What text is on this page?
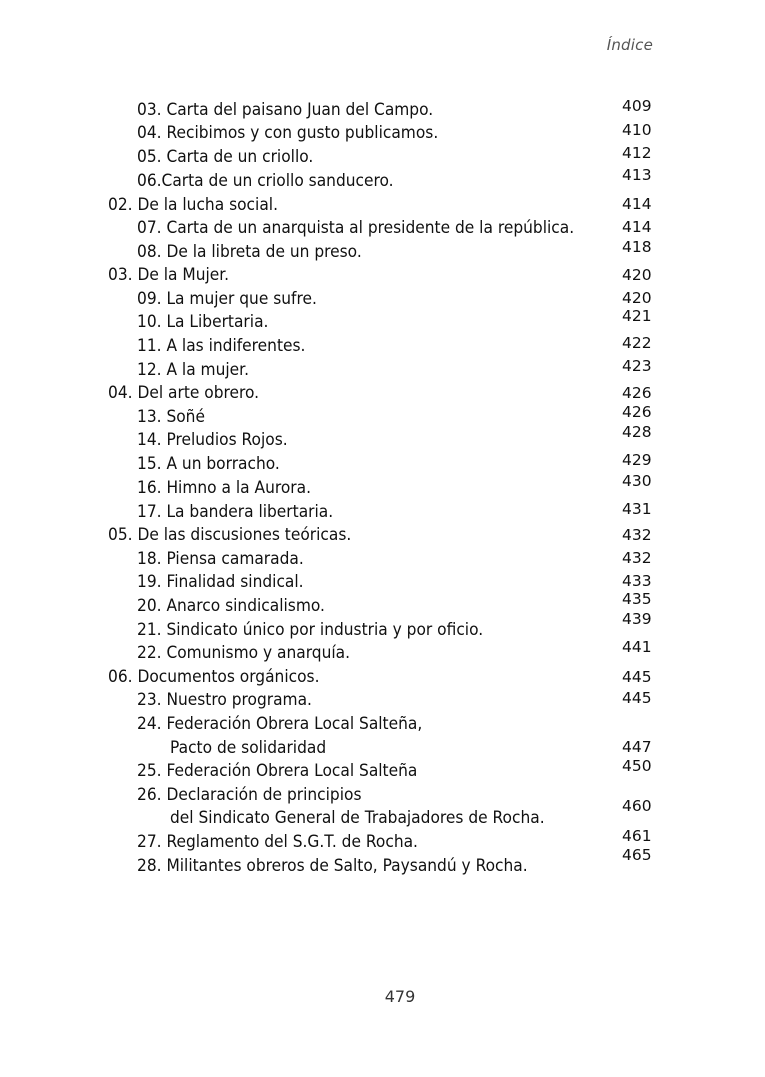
Índice
03. Carta del paisano Juan del Campo.	409
04. Recibimos y con gusto publicamos.	410
05. Carta de un criollo.	412
06.Carta de un criollo sanducero.	413
02. De la lucha social.	414
07. Carta de un anarquista al presidente de la república.	414
08. De la libreta de un preso.	418
03. De la Mujer.	420
09. La mujer que sufre.	420
10. La Libertaria.	421
11. A las indiferentes.	422
12. A la mujer.	423
04. Del arte obrero.	426
13. Soñé	426
14. Preludios Rojos.	428
15. A un borracho.	429
16. Himno a la Aurora.	430
17. La bandera libertaria.	431
05. De las discusiones teóricas.	432
18. Piensa camarada.	432
19. Finalidad sindical.	433
20. Anarco sindicalismo.	435
21. Sindicato único por industria y por oficio.
439
22. Comunismo y anarquía.	441
06. Documentos orgánicos.	445
23. Nuestro programa.	445
24. Federación Obrera Local Salteña,
Pacto de solidaridad	447
25. Federación Obrera Local Salteña	450
26. Declaración de principios
del Sindicato General de Trabajadores de Rocha.
460
27. Reglamento del S.G.T. de Rocha.	461
28. Militantes obreros de Salto, Paysandú y Rocha.
465
479
